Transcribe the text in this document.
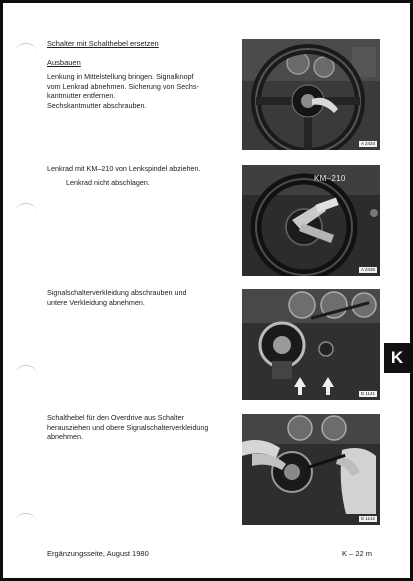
Schalter mit Schalthebel ersetzen
Ausbauen

Lenkung in Mittelstellung bringen. Signalknopf

vom Lenkrad abnehmen. Sicherung von Sechs-

kantmutter entfernen.

Sechskantmutter abschrauben.

A 2434

Lenkrad mit KM–210 von Lenkspindel abziehen.

Lenkrad nicht abschlagen.	KM–210
A 2436

Signalschalterverkleidung abschrauben und

untere Verkleidung abnehmen.

D 1141

Schalthebel für den Overdrive aus Schalter

herausziehen und obere Signalschalterverkleidung

abnehmen.

D 1142
K
Ergänzungsseite, August 1980	K – 22 m
